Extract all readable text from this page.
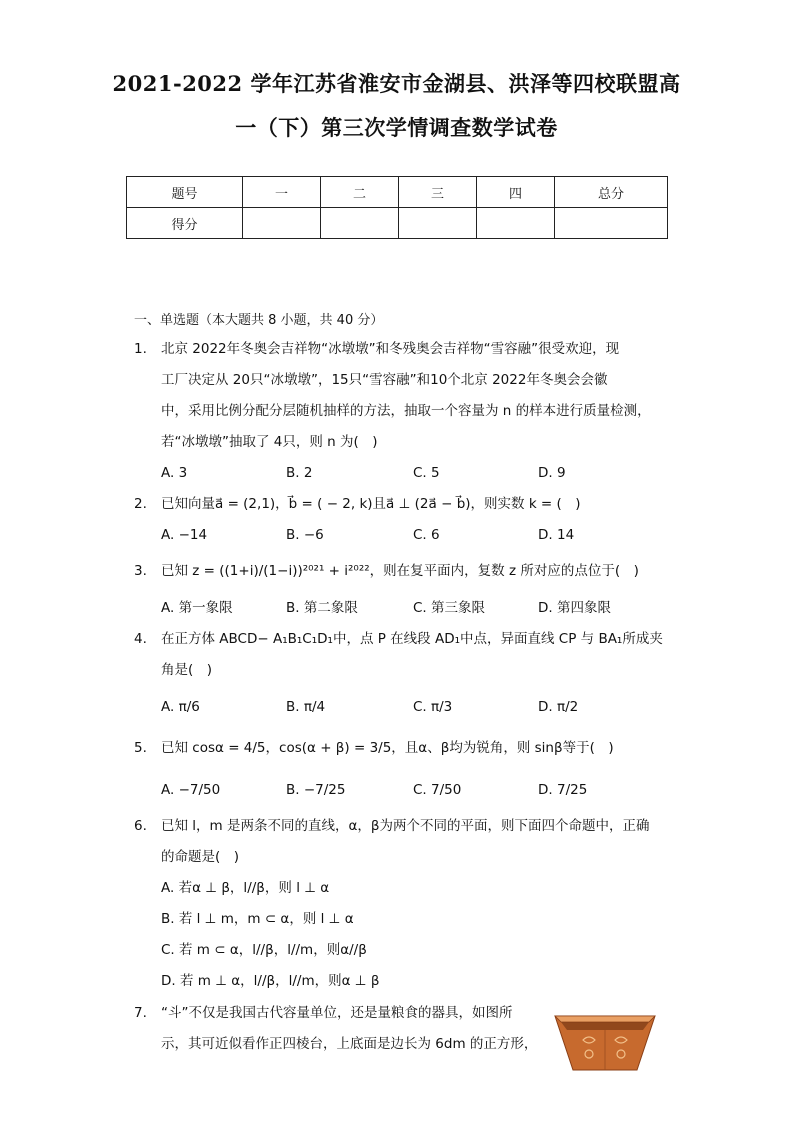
2021-2022 学年江苏省淮安市金湖县、洪泽等四校联盟高
一（下）第三次学情调查数学试卷
题号	一	二	三	四	总分
得分					
一、单选题（本大题共 8 小题，共 40 分）
1.	北京 2022年冬奥会吉祥物“冰墩墩”和冬残奥会吉祥物“雪容融”很受欢迎，现
工厂决定从 20只“冰墩墩”，15只“雪容融”和10个北京 2022年冬奥会会徽
中，采用比例分配分层随机抽样的方法，抽取一个容量为 n 的样本进行质量检测，
若“冰墩墩”抽取了 4只，则 n 为(　)
A. 3	B. 2	C. 5	D. 9
2.	已知向量a⃗ = (2,1)，b⃗ = ( − 2, k)且a⃗ ⊥ (2a⃗ − b⃗)，则实数 k = (　)
A. −14	B. −6	C. 6	D. 14
3.	已知 z = ((1+i)/(1−i))²⁰²¹ + i²⁰²²，则在复平面内，复数 z 所对应的点位于(　)
A. 第一象限	B. 第二象限	C. 第三象限	D. 第四象限
4.	在正方体 ABCD− A₁B₁C₁D₁中，点 P 在线段 AD₁中点，异面直线 CP 与 BA₁所成夹
角是(　)
A. π/6	B. π/4	C. π/3	D. π/2
5.	已知 cosα = 4/5，cos(α + β) = 3/5，且α、β均为锐角，则 sinβ等于(　)
A. −7/50	B. −7/25	C. 7/50	D. 7/25
6.	已知 l，m 是两条不同的直线，α，β为两个不同的平面，则下面四个命题中，正确
的命题是(　)
A. 若α ⊥ β，l//β，则 l ⊥ α
B. 若 l ⊥ m，m ⊂ α，则 l ⊥ α
C. 若 m ⊂ α，l//β，l//m，则α//β
D. 若 m ⊥ α，l//β，l//m，则α ⊥ β
7.	“斗”不仅是我国古代容量单位，还是量粮食的器具，如图所
示，其可近似看作正四棱台，上底面是边长为 6dm 的正方形，
